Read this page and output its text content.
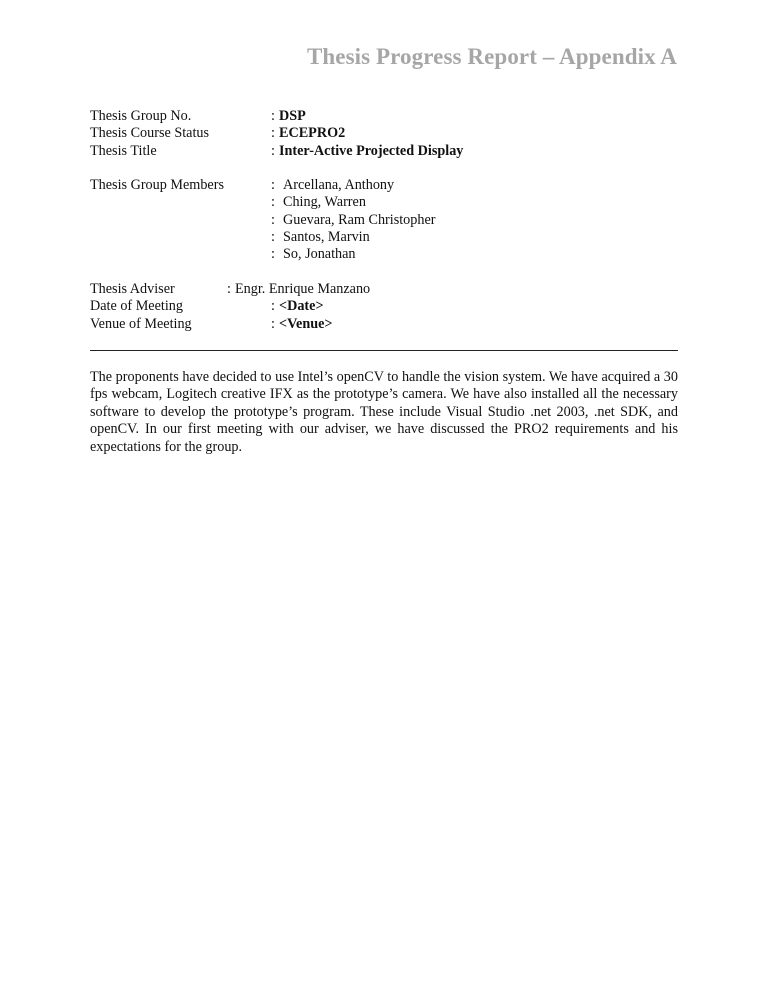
Thesis Progress Report – Appendix A
Thesis Group No.	: DSP
Thesis Course Status	: ECEPRO2
Thesis Title	: Inter-Active Projected Display
Thesis Group Members	: Arcellana, Anthony
: Ching, Warren
: Guevara, Ram Christopher
: Santos, Marvin
: So, Jonathan
Thesis Adviser	: Engr. Enrique Manzano
Date of Meeting	: <Date>
Venue of Meeting	: <Venue>

The proponents have decided to use Intel’s openCV to handle the vision system. We have acquired a 30 fps webcam, Logitech creative IFX as the prototype’s camera. We have also installed all the necessary software to develop the prototype’s program. These include Visual Studio .net 2003, .net SDK, and openCV. In our first meeting with our adviser, we have discussed the PRO2 requirements and his expectations for the group.
